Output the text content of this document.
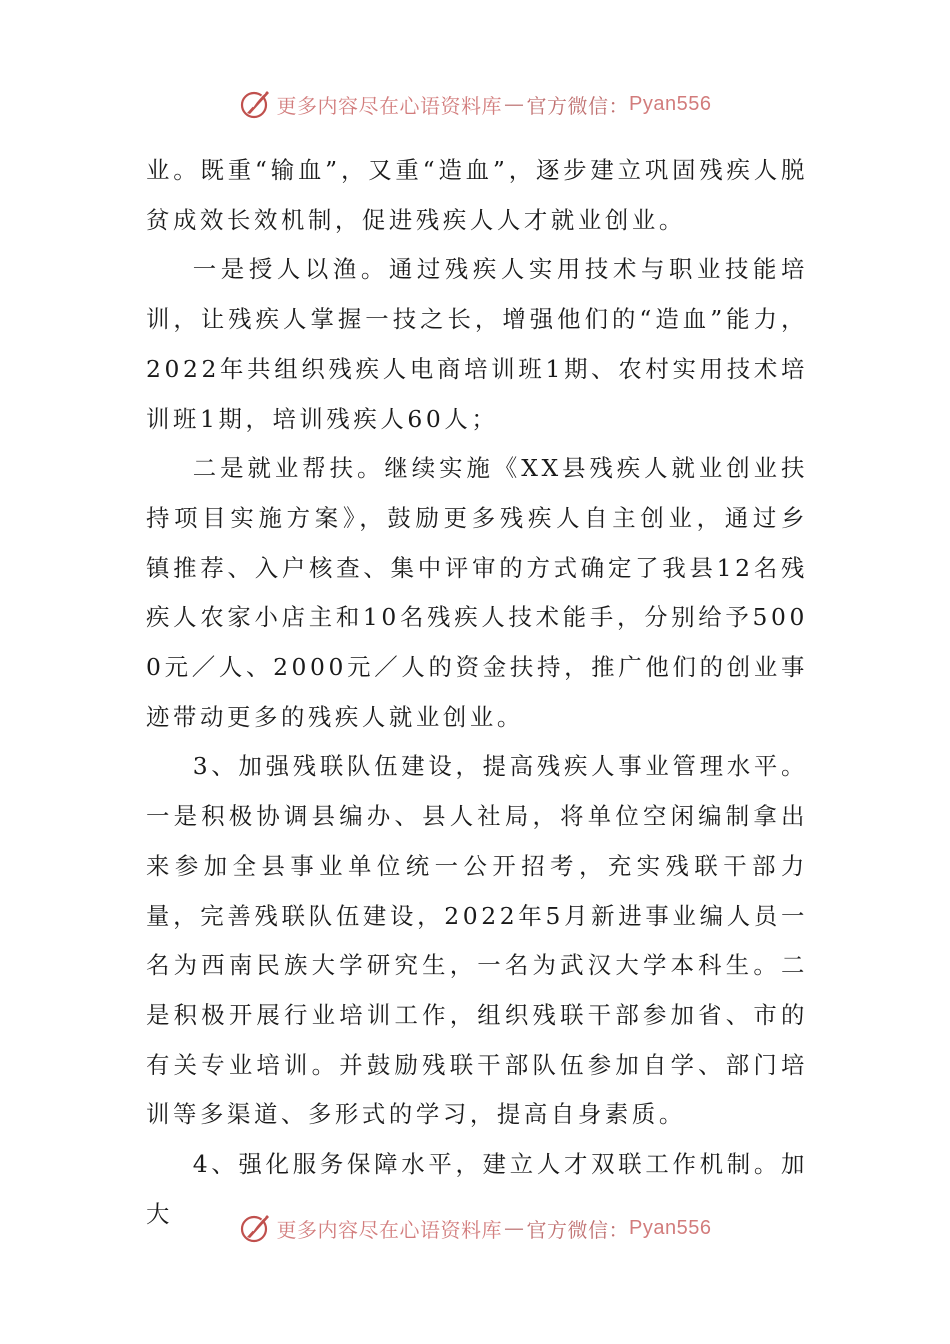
更多内容尽在心语资料库 — 官方微信： Pyan556

业。既重“输血”，又重“造血”，逐步建立巩固残疾人脱贫成效长效机制，促进残疾人人才就业创业。

一是授人以渔。通过残疾人实用技术与职业技能培训，让残疾人掌握一技之长，增强他们的“造血”能力，2022年共组织残疾人电商培训班1期、农村实用技术培训班1期，培训残疾人60人；

二是就业帮扶。继续实施《XX县残疾人就业创业扶持项目实施方案》，鼓励更多残疾人自主创业，通过乡镇推荐、入户核查、集中评审的方式确定了我县12名残疾人农家小店主和10名残疾人技术能手，分别给予5000元／人、2000元／人的资金扶持，推广他们的创业事迹带动更多的残疾人就业创业。

3、加强残联队伍建设，提高残疾人事业管理水平。一是积极协调县编办、县人社局，将单位空闲编制拿出来参加全县事业单位统一公开招考，充实残联干部力量，完善残联队伍建设，2022年5月新进事业编人员一名为西南民族大学研究生，一名为武汉大学本科生。二是积极开展行业培训工作，组织残联干部参加省、市的有关专业培训。并鼓励残联干部队伍参加自学、部门培训等多渠道、多形式的学习，提高自身素质。

4、强化服务保障水平，建立人才双联工作机制。加大

更多内容尽在心语资料库 — 官方微信： Pyan556
